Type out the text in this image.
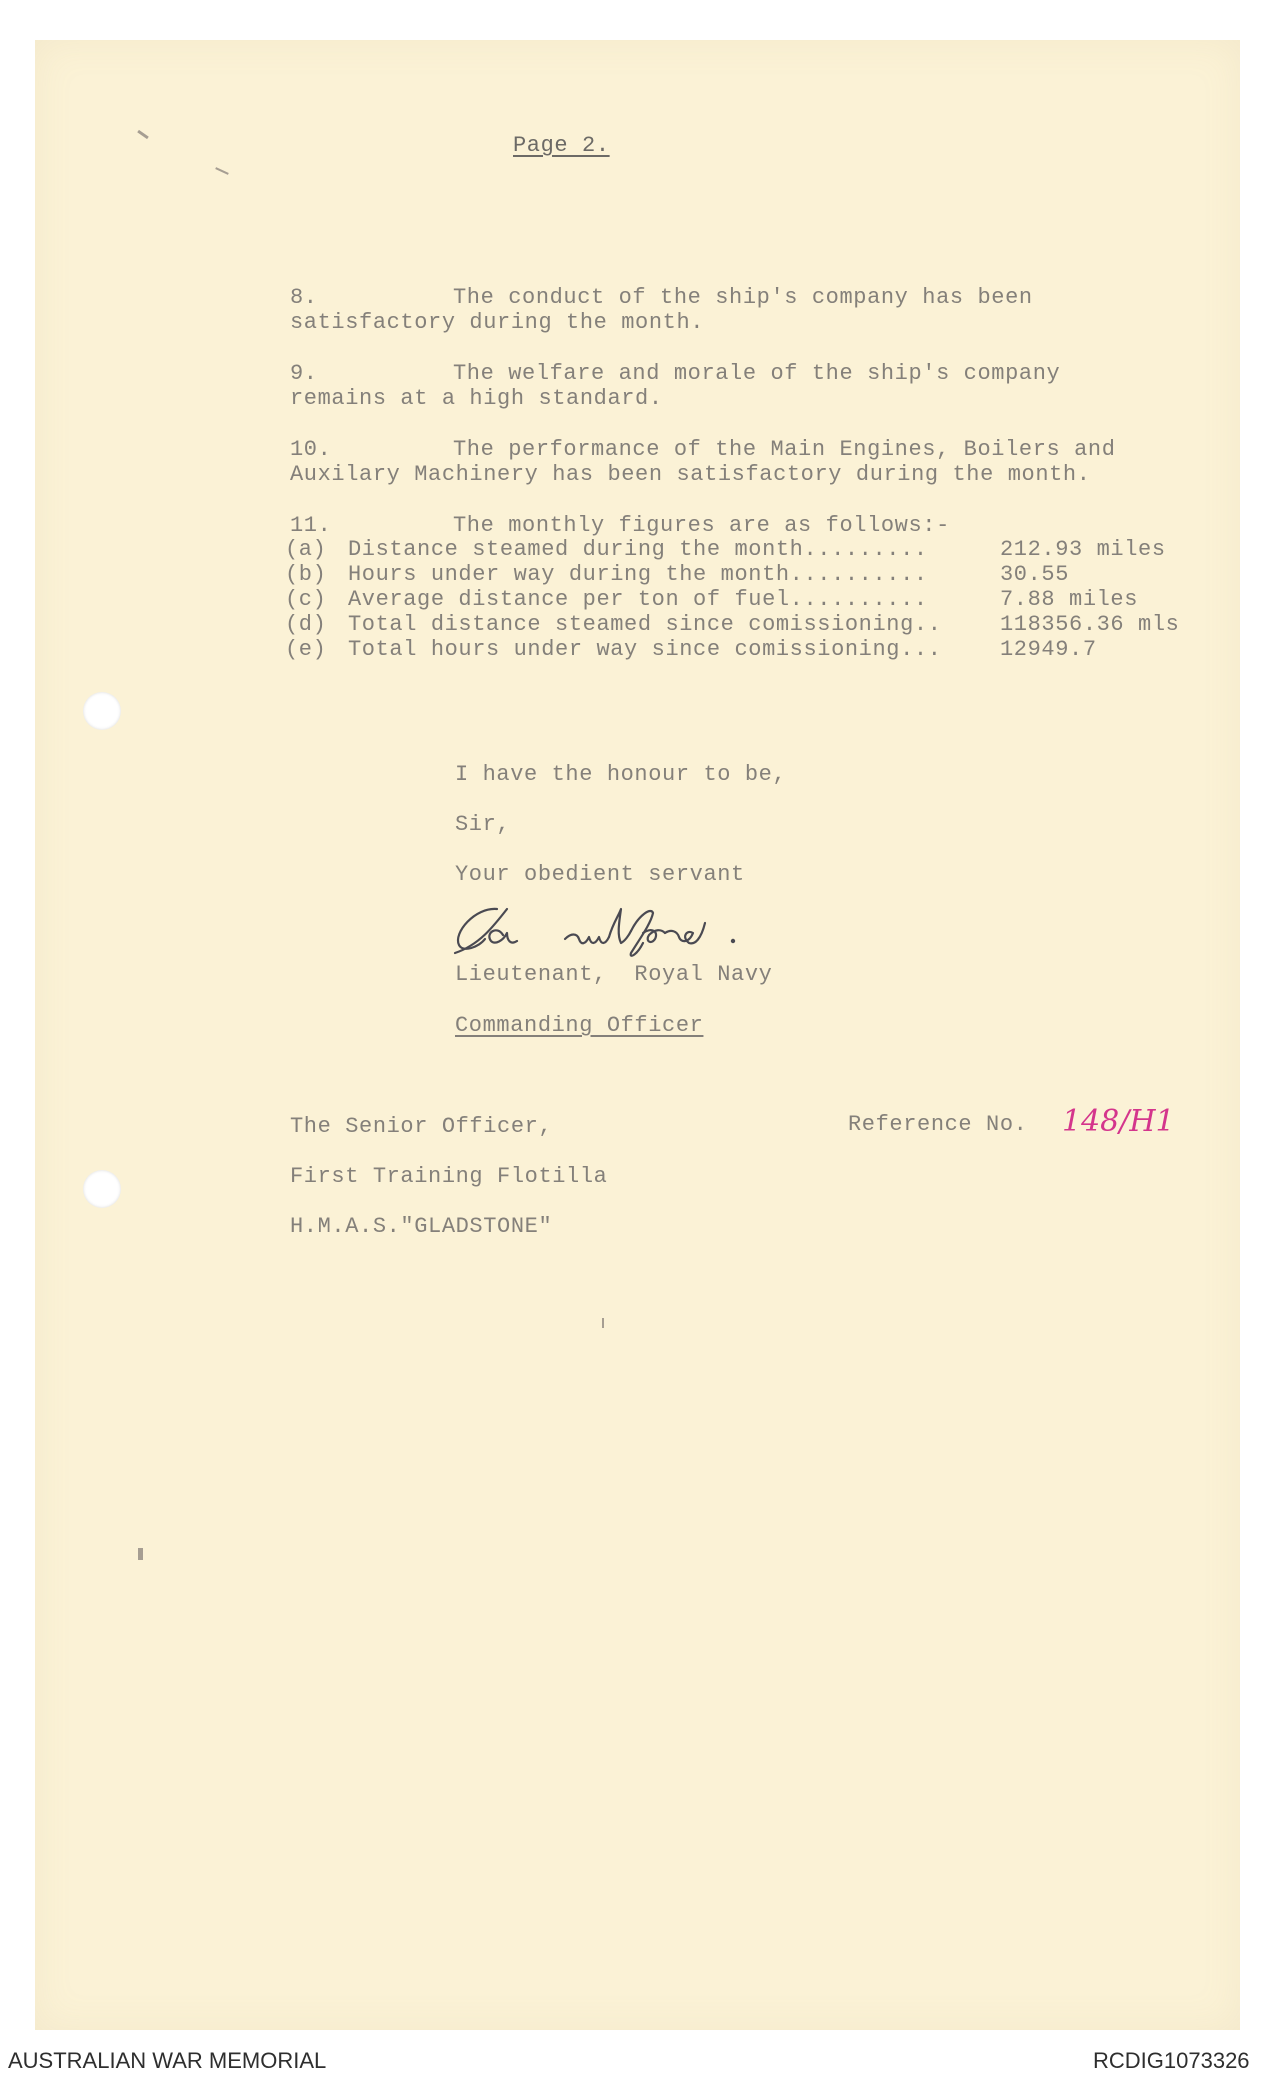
Page 2.
8.	The conduct of the ship's company has been
satisfactory during the month.
9.	The welfare and morale of the ship's company
remains at a high standard.
10.	The performance of the Main Engines, Boilers and
Auxilary Machinery has been satisfactory during the month.
11.	The monthly figures are as follows:-
(a) Distance steamed during the month.........	212.93 miles
(b) Hours under way during the month..........	30.55
(c) Average distance per ton of fuel..........	7.88 miles
(d) Total distance steamed since comissioning..	118356.36 mls
(e) Total hours under way since comissioning...	12949.7
I have the honour to be,
Sir,
Your obedient servant
Lieutenant,  Royal Navy
Commanding Officer
The Senior Officer,
First Training Flotilla
H.M.A.S."GLADSTONE"
Reference No. 148/H1
AUSTRALIAN WAR MEMORIAL	RCDIG1073326
